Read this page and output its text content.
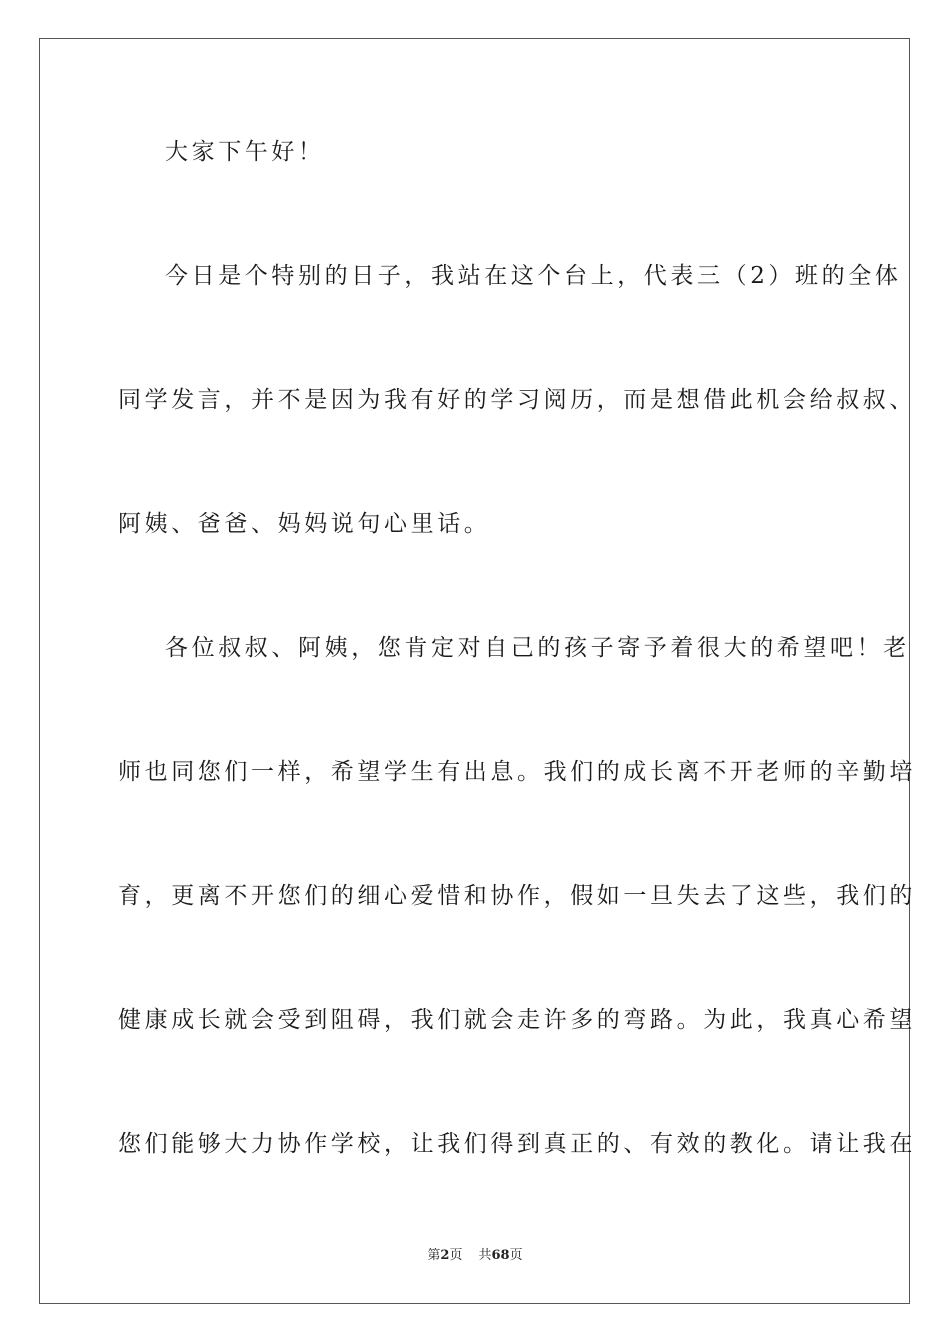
大家下午好！
今日是个特别的日子，我站在这个台上，代表三（2）班的全体
同学发言，并不是因为我有好的学习阅历，而是想借此机会给叔叔、
阿姨、爸爸、妈妈说句心里话。
各位叔叔、阿姨，您肯定对自己的孩子寄予着很大的希望吧！老
师也同您们一样，希望学生有出息。我们的成长离不开老师的辛勤培
育，更离不开您们的细心爱惜和协作，假如一旦失去了这些，我们的
健康成长就会受到阻碍，我们就会走许多的弯路。为此，我真心希望
您们能够大力协作学校，让我们得到真正的、有效的教化。请让我在
第2页 共68页
